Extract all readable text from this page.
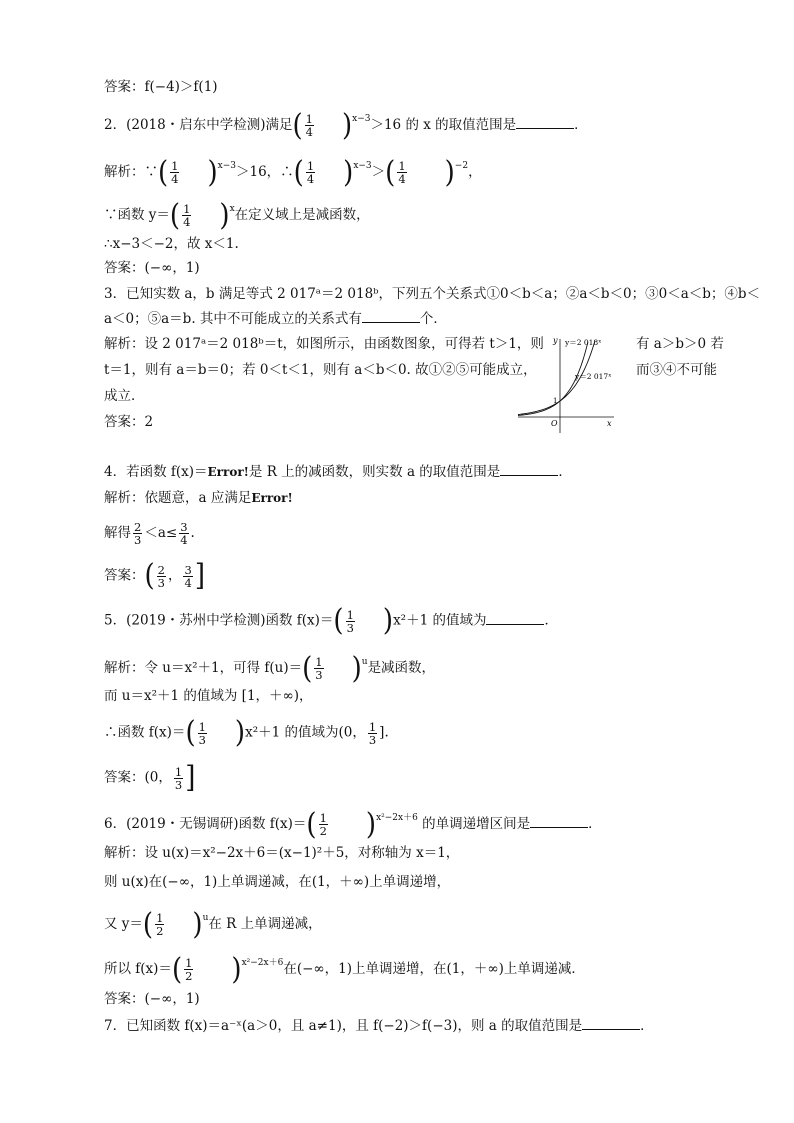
答案：f(−4)＞f(1)
2．(2018・启东中学检测)满足( $\frac{1}{4} )^{x-3}>16$ 的 x 的取值范围是	．
解析：∵( $\frac{1}{4} )^{x-3}>16$，∴( $\frac{1}{4} )^{x-3}>( \frac{1}{4} )^{-2}$，
∵函数 $y=( \frac{1}{4} )^x$在定义域上是减函数，
∴x−3＜−2，故 x＜1.
答案：(−∞，1)
3．已知实数 a，b 满足等式 2 017ᵃ＝2 018ᵇ，下列五个关系式①0＜b＜a；②a＜b＜0；③0＜a＜b；④b＜
a＜0；⑤a＝b. 其中不可能成立的关系式有	个．
解析：设 2 017ᵃ＝2 018ᵇ＝t，如图所示，由函数图象，可得若 t＞1，则	有 a＞b＞0 若
t＝1，则有 a＝b＝0；若 0＜t＜1，则有 a＜b＜0. 故①②⑤可能成立，	而③④不可能
成立．
答案：2
y
x
O
1
y＝2 018ˣ
y＝2 017ˣ
4．若函数 f(x)＝Error!是 R 上的减函数，则实数 a 的取值范围是	．
解析：依题意，a 应满足Error!
解得 $\frac{2}{3} <a\le \frac{3}{4}$ .
答案：( $\frac{2}{3}$ ， $\frac{3}{4}$ ]
5．(2019・苏州中学检测)函数 $f(x)=( \frac{1}{3} )x^2+1$ 的值域为	．
解析：令 u＝x²＋1，可得 $f(u)=( \frac{1}{3} )^u$是减函数，
而 u＝x²＋1 的值域为 [1，＋∞)，
∴函数 $f(x)=( \frac{1}{3} )x^2+1$ 的值域为(0， $\frac{1}{3}$ ].
答案：(0， $\frac{1}{3}$ ]
6．(2019・无锡调研)函数 $f(x)=( \frac{1}{2} )^{x^2-2x+6}$ 的单调递增区间是	．
解析：设 u(x)＝x²−2x＋6＝(x−1)²＋5，对称轴为 x＝1，
则 u(x)在(−∞，1)上单调递减，在(1，＋∞)上单调递增，
又 $y=( \frac{1}{2} )^u$在 R 上单调递减，
所以 $f(x)=( \frac{1}{2} )^{x^2-2x+6}$在(−∞，1)上单调递增，在(1，＋∞)上单调递减．
答案：(−∞，1)
7．已知函数 f(x)＝a⁻ˣ(a＞0，且 a≠1)，且 f(−2)＞f(−3)，则 a 的取值范围是	．
